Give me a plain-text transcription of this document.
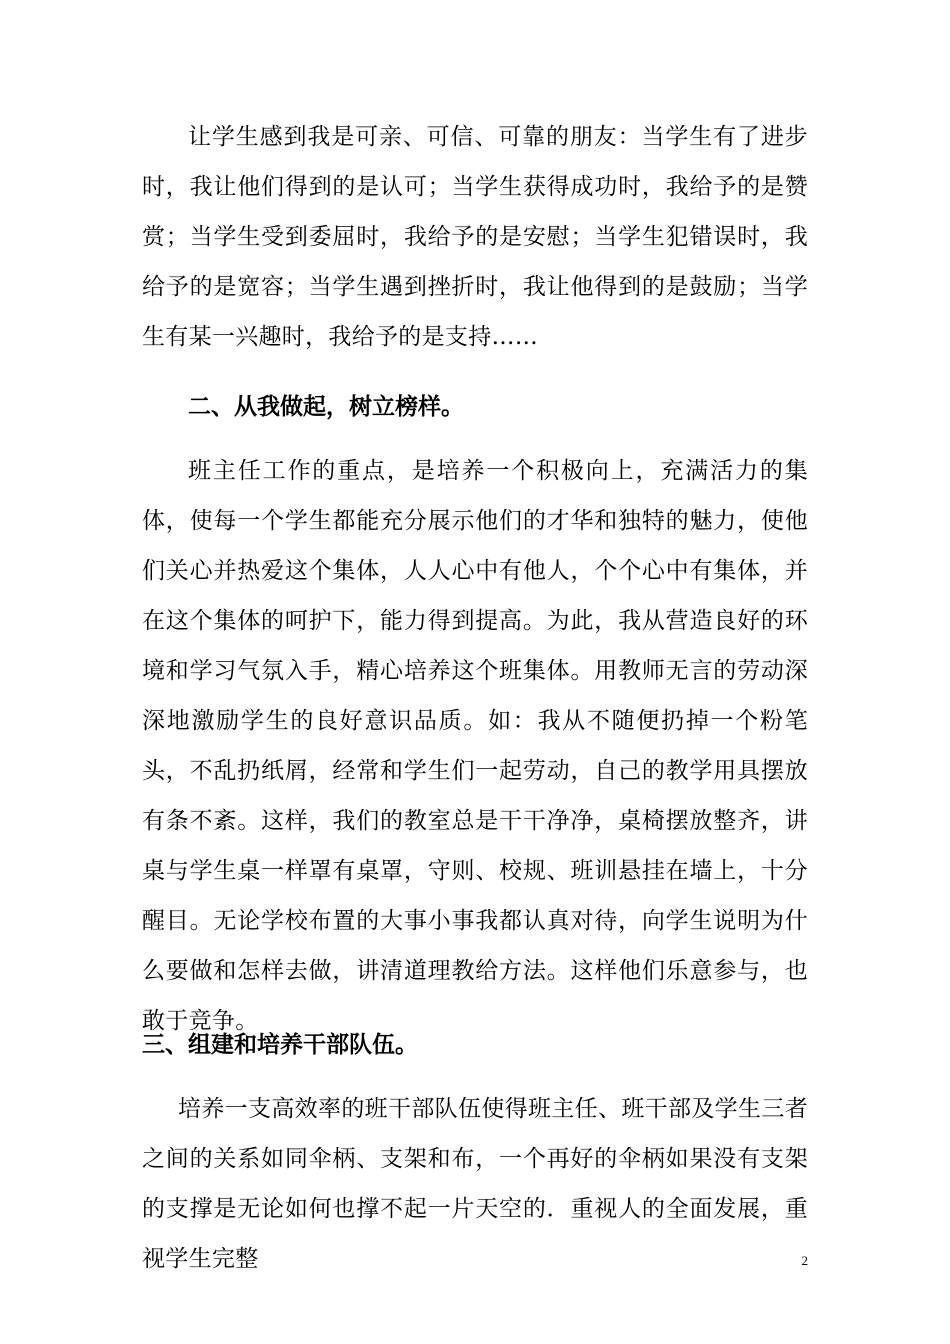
让学生感到我是可亲、可信、可靠的朋友：当学生有了进步时，我让他们得到的是认可；当学生获得成功时，我给予的是赞赏；当学生受到委屈时，我给予的是安慰；当学生犯错误时，我给予的是宽容；当学生遇到挫折时，我让他得到的是鼓励；当学生有某一兴趣时，我给予的是支持……

二、从我做起，树立榜样。

班主任工作的重点，是培养一个积极向上，充满活力的集体，使每一个学生都能充分展示他们的才华和独特的魅力，使他们关心并热爱这个集体，人人心中有他人，个个心中有集体，并在这个集体的呵护下，能力得到提高。为此，我从营造良好的环境和学习气氛入手，精心培养这个班集体。用教师无言的劳动深深地激励学生的良好意识品质。如：我从不随便扔掉一个粉笔头，不乱扔纸屑，经常和学生们一起劳动，自己的教学用具摆放有条不紊。这样，我们的教室总是干干净净，桌椅摆放整齐，讲桌与学生桌一样罩有桌罩，守则、校规、班训悬挂在墙上，十分醒目。无论学校布置的大事小事我都认真对待，向学生说明为什么要做和怎样去做，讲清道理教给方法。这样他们乐意参与，也敢于竞争。

三、组建和培养干部队伍。

培养一支高效率的班干部队伍使得班主任、班干部及学生三者之间的关系如同伞柄、支架和布，一个再好的伞柄如果没有支架的支撑是无论如何也撑不起一片天空的．重视人的全面发展，重视学生完整	2
